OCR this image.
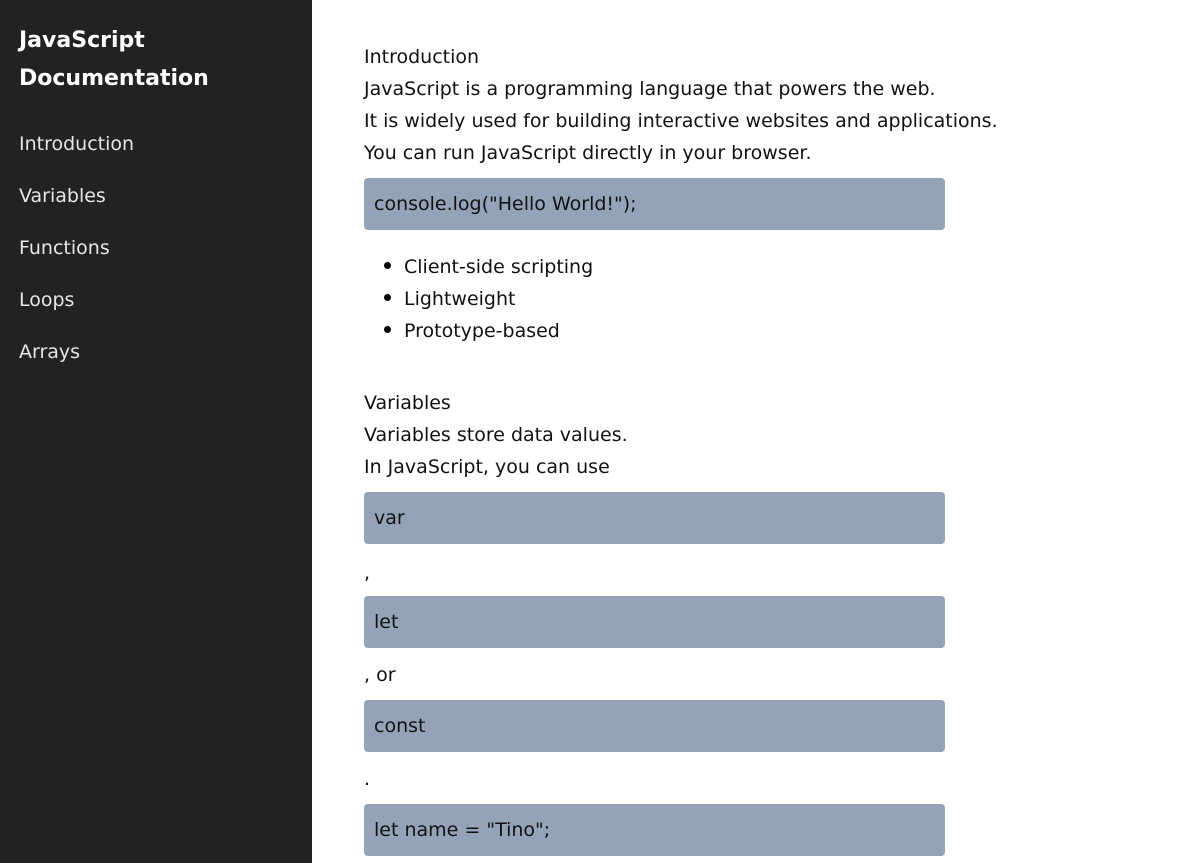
JavaScript Documentation
Introduction
Variables
Functions
Loops
Arrays

Introduction

JavaScript is a programming language that powers the web.

It is widely used for building interactive websites and applications.

You can run JavaScript directly in your browser.

console.log("Hello World!");
Client-side scripting
Lightweight
Prototype-based

Variables

Variables store data values.

In JavaScript, you can use

var

,

let

, or

const

.

let name = "Tino";
